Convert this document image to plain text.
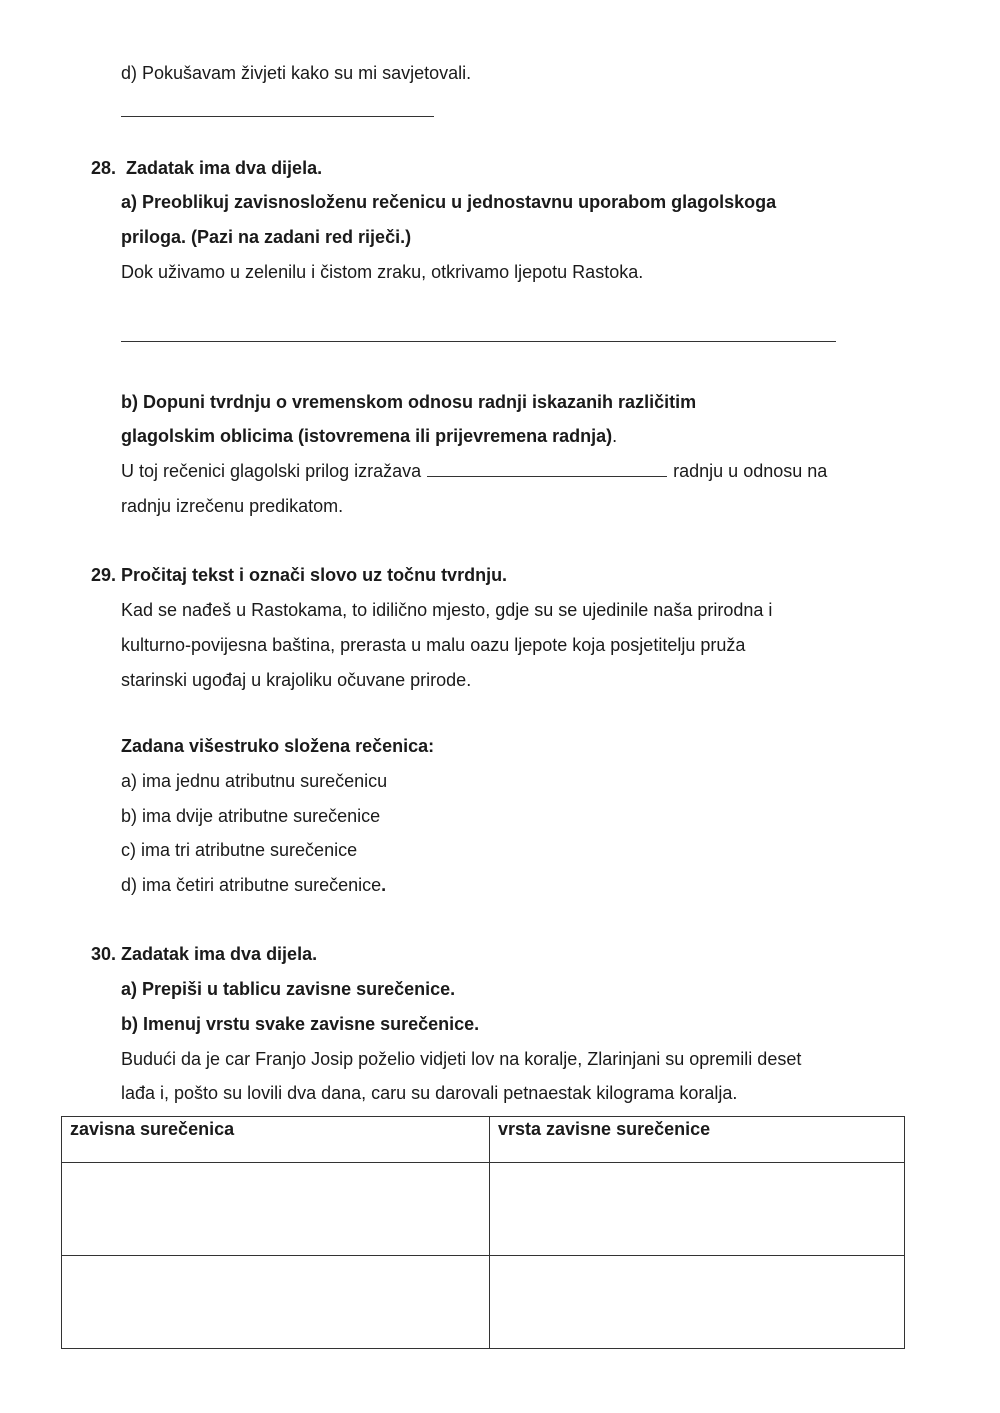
d) Pokušavam živjeti kako su mi savjetovali.
28. Zadatak ima dva dijela.
a) Preoblikuj zavisnosloženu rečenicu u jednostavnu uporabom glagolskoga
priloga. (Pazi na zadani red riječi.)
Dok uživamo u zelenilu i čistom zraku, otkrivamo ljepotu Rastoka.
b) Dopuni tvrdnju o vremenskom odnosu radnji iskazanih različitim
glagolskim oblicima (istovremena ili prijevremena radnja).
U toj rečenici glagolski prilog izražava	radnju u odnosu na
radnju izrečenu predikatom.
29. Pročitaj tekst i označi slovo uz točnu tvrdnju.
Kad se nađeš u Rastokama, to idilično mjesto, gdje su se ujedinile naša prirodna i
kulturno-povijesna baština, prerasta u malu oazu ljepote koja posjetitelju pruža
starinski ugođaj u krajoliku očuvane prirode.
Zadana višestruko složena rečenica:
a) ima jednu atributnu surečenicu
b) ima dvije atributne surečenice
c) ima tri atributne surečenice
d) ima četiri atributne surečenice.
30. Zadatak ima dva dijela.
a) Prepiši u tablicu zavisne surečenice.
b) Imenuj vrstu svake zavisne surečenice.
Budući da je car Franjo Josip poželio vidjeti lov na koralje, Zlarinjani su opremili deset
lađa i, pošto su lovili dva dana, caru su darovali petnaestak kilograma koralja.
zavisna surečenica	vrsta zavisne surečenice
